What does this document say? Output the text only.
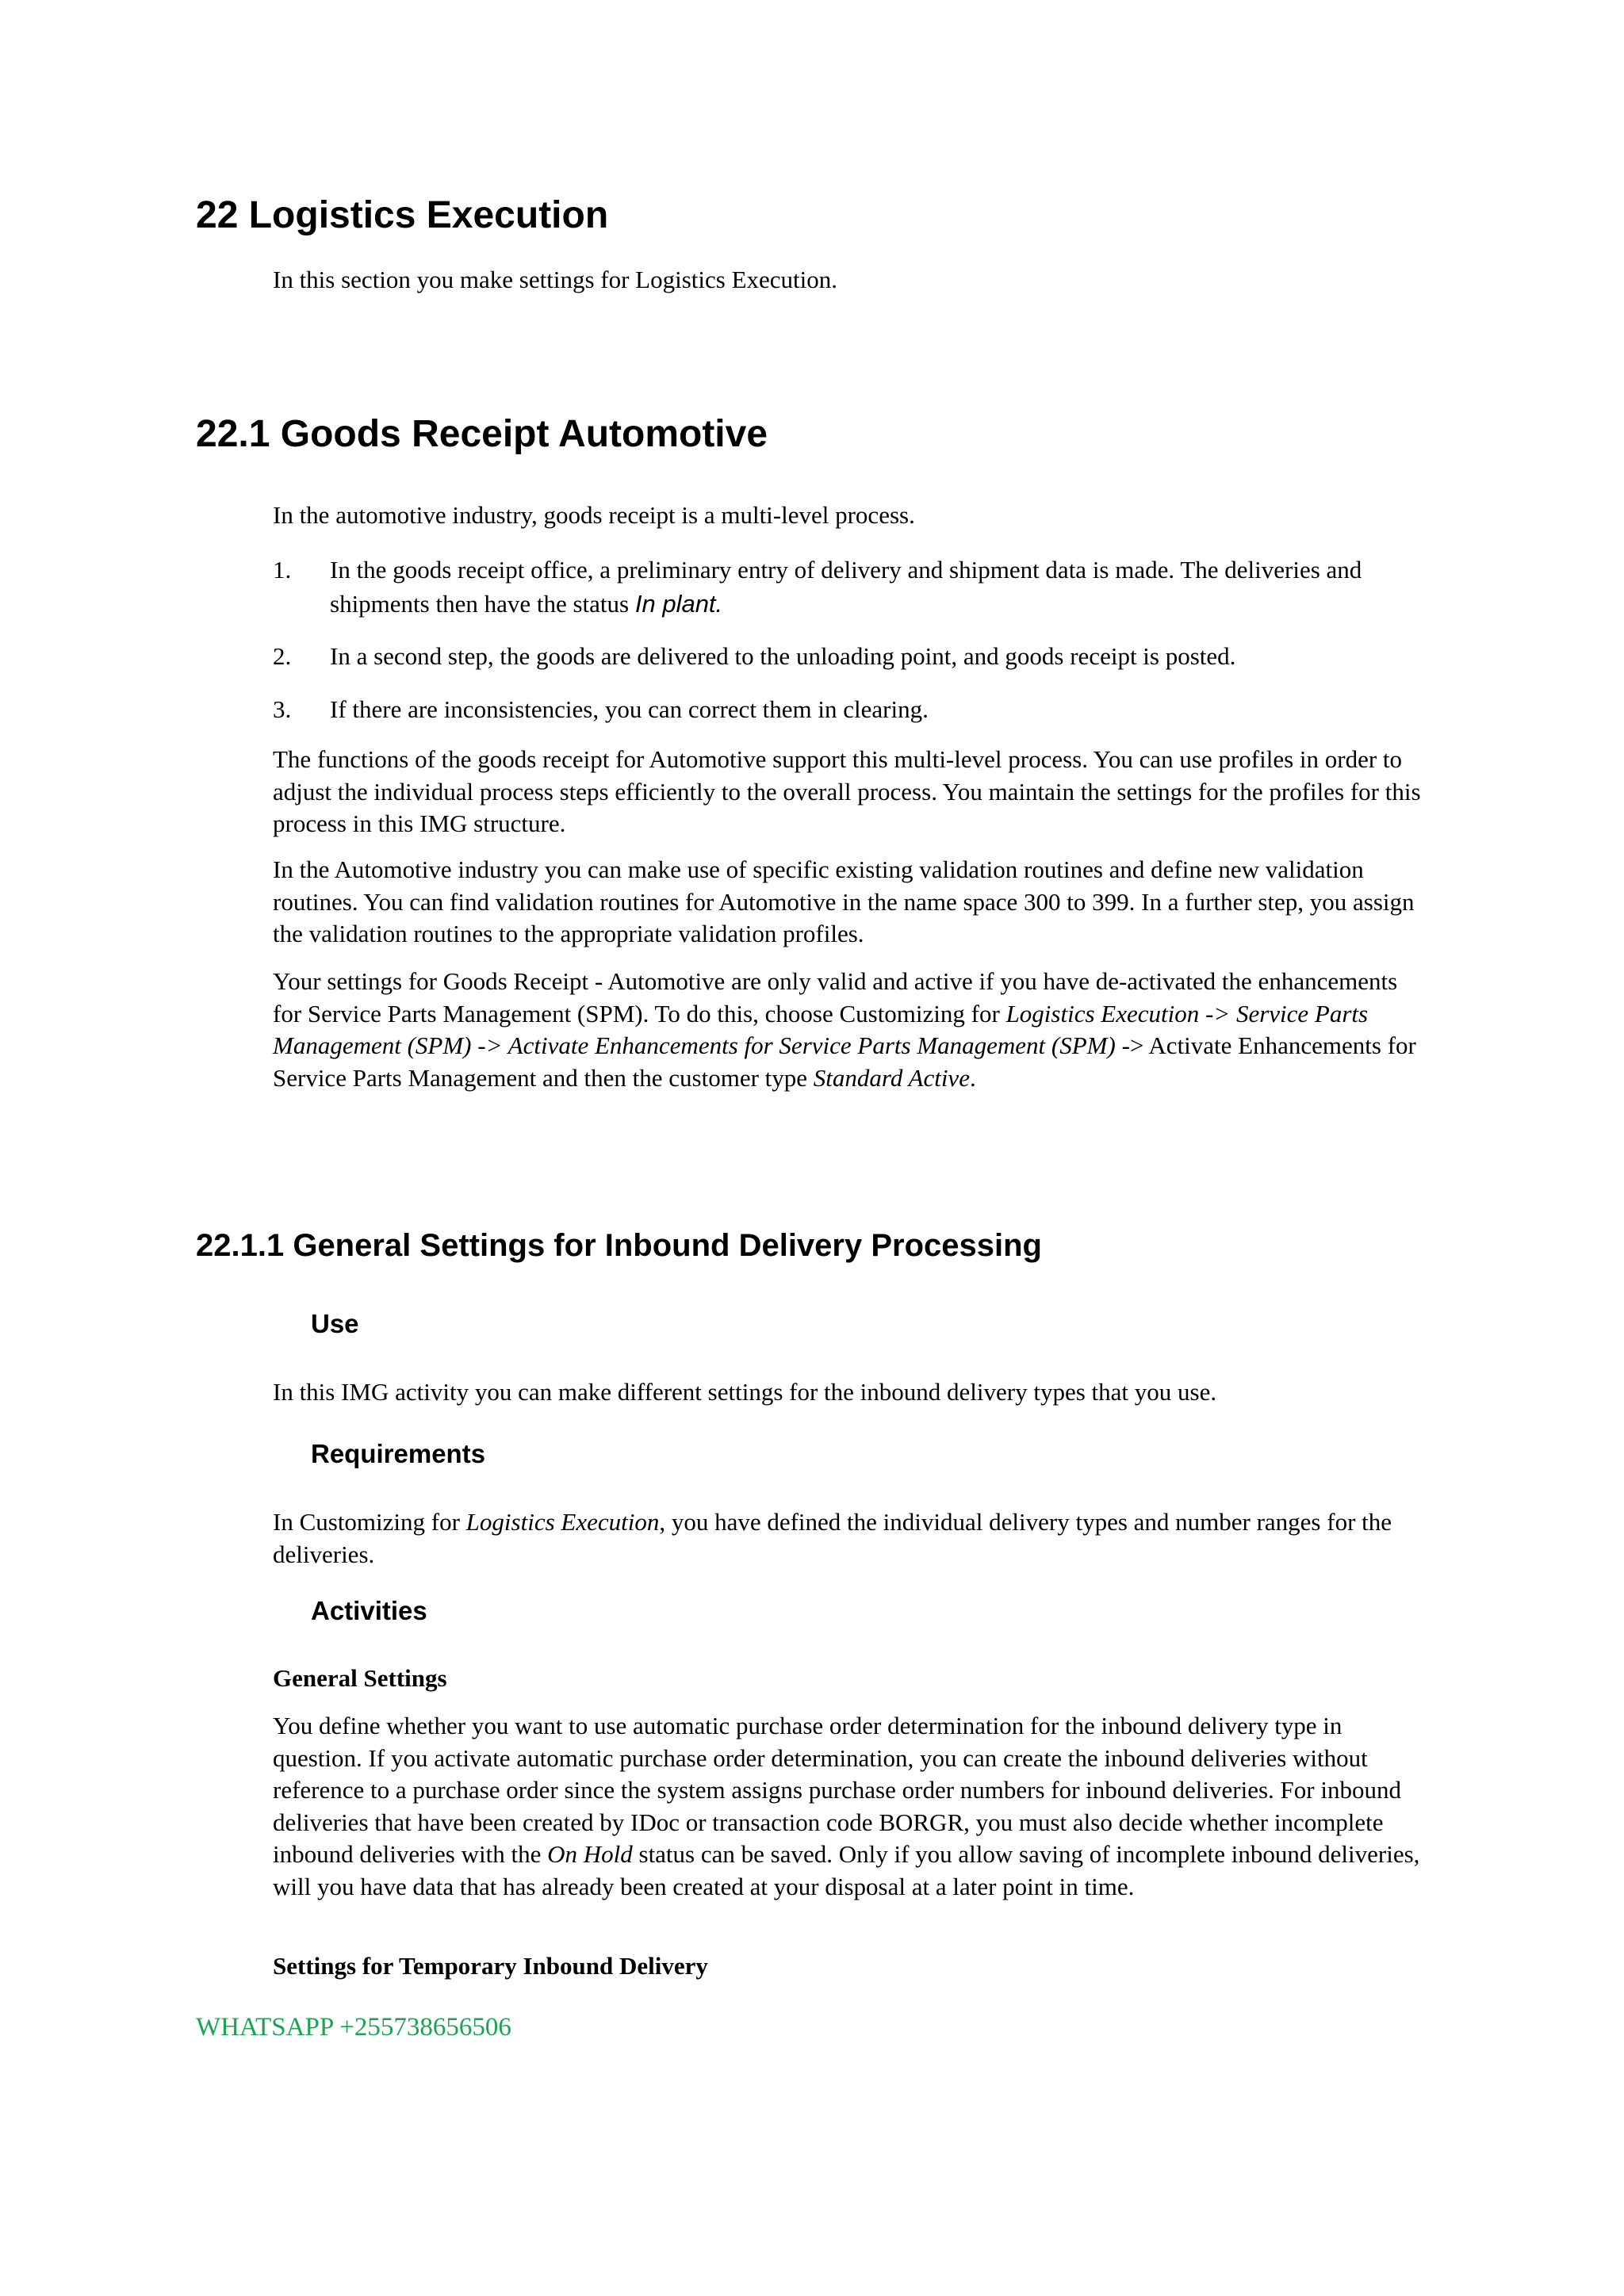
22 Logistics Execution

In this section you make settings for Logistics Execution.

22.1 Goods Receipt Automotive

In the automotive industry, goods receipt is a multi-level process.

1. In the goods receipt office, a preliminary entry of delivery and shipment data is made. The deliveries and shipments then have the status In plant.

2. In a second step, the goods are delivered to the unloading point, and goods receipt is posted.

3. If there are inconsistencies, you can correct them in clearing.

The functions of the goods receipt for Automotive support this multi-level process. You can use profiles in order to adjust the individual process steps efficiently to the overall process. You maintain the settings for the profiles for this process in this IMG structure.

In the Automotive industry you can make use of specific existing validation routines and define new validation routines. You can find validation routines for Automotive in the name space 300 to 399. In a further step, you assign the validation routines to the appropriate validation profiles.

Your settings for Goods Receipt - Automotive are only valid and active if you have de-activated the enhancements for Service Parts Management (SPM). To do this, choose Customizing for Logistics Execution -> Service Parts Management (SPM) -> Activate Enhancements for Service Parts Management (SPM) -> Activate Enhancements for Service Parts Management and then the customer type Standard Active.

22.1.1 General Settings for Inbound Delivery Processing
Use

In this IMG activity you can make different settings for the inbound delivery types that you use.

Requirements

In Customizing for Logistics Execution, you have defined the individual delivery types and number ranges for the deliveries.

Activities

General Settings

You define whether you want to use automatic purchase order determination for the inbound delivery type in question. If you activate automatic purchase order determination, you can create the inbound deliveries without reference to a purchase order since the system assigns purchase order numbers for inbound deliveries. For inbound deliveries that have been created by IDoc or transaction code BORGR, you must also decide whether incomplete inbound deliveries with the On Hold status can be saved. Only if you allow saving of incomplete inbound deliveries, will you have data that has already been created at your disposal at a later point in time.

Settings for Temporary Inbound Delivery

WHATSAPP +255738656506
